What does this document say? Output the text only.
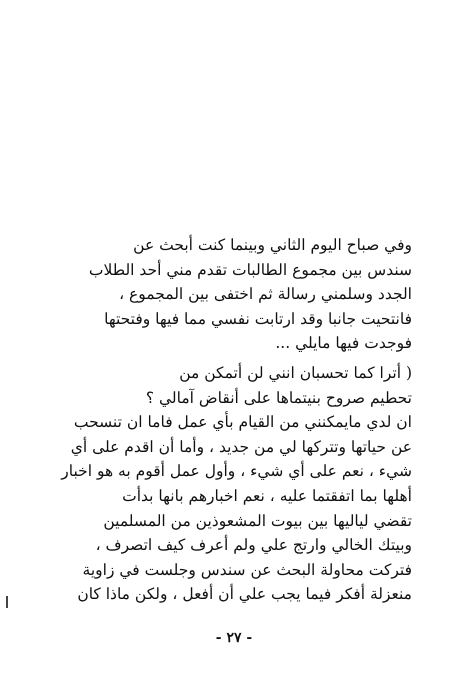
وفي صباح اليوم الثاني وبينما كنت أبحث عن
سندس بين مجموع الطالبات تقدم مني أحد الطلاب
الجدد وسلمني رسالة ثم اختفى بين المجموع ،
فانتحيت جانبا وقد ارتابت نفسي مما فيها وفتحتها
فوجدت فيها مايلي ...
( أترا كما تحسبان انني لن أتمكن من
تحطيم صروح بنيتماها على أنقاض آمالي ؟
ان لدي مايمكنني من القيام بأي عمل فاما ان تنسحب
عن حياتها وتتركها لي من جديد ، وأما أن اقدم على أي
شيء ، نعم على أي شيء ، وأول عمل أقوم به هو اخبار
أهلها بما اتفقتما عليه ، نعم اخبارهم بانها بدأت
تقضي لياليها بين بيوت المشعوذين من المسلمين
وبيتك الخالي وارتج علي ولم أعرف كيف اتصرف ،
فتركت محاولة البحث عن سندس وجلست في زاوية
منعزلة أفكر فيما يجب علي أن أفعل ، ولكن ماذا كان
- ٢٧ -
